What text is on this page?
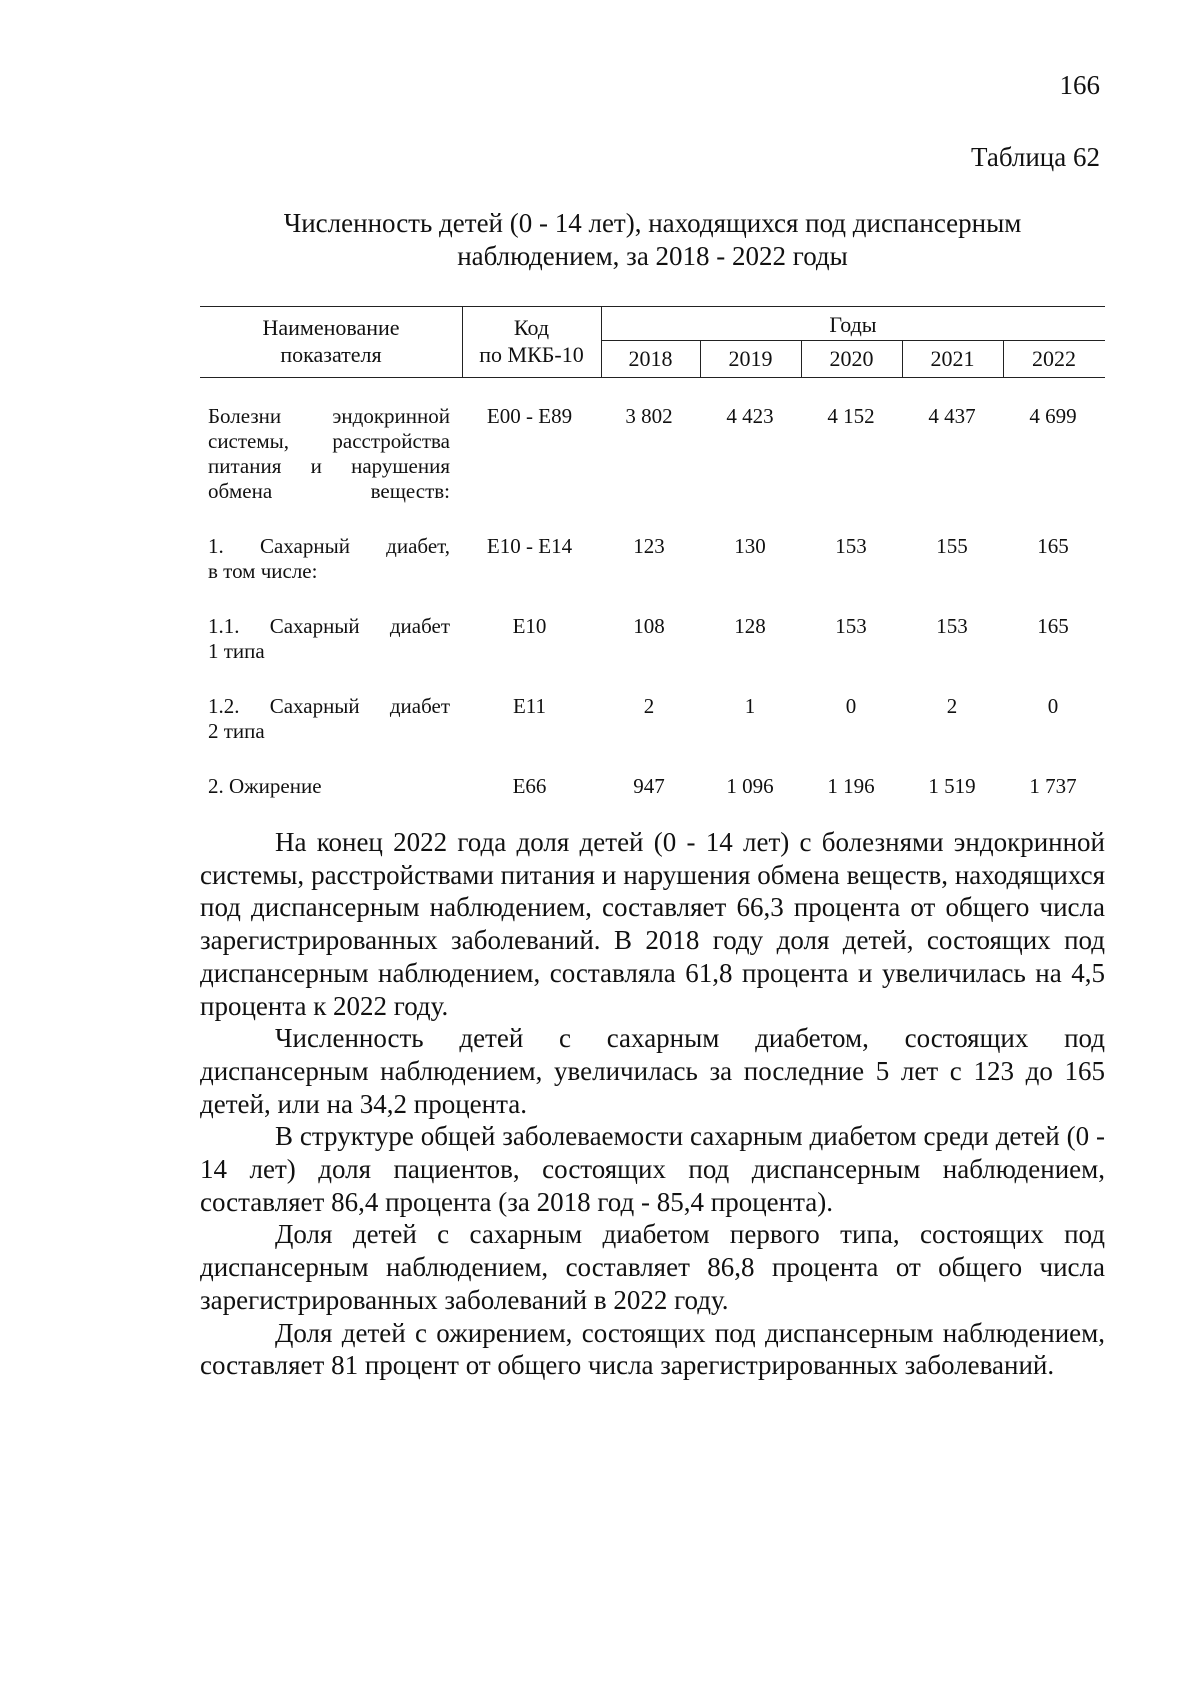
166
Таблица 62
Численность детей (0 - 14 лет), находящихся под диспансерным
наблюдением, за 2018 - 2022 годы
Наименование
показателя
Код
по МКБ-10
Годы
2018	2019	2020	2021	2022
Болезни эндокринной
системы, расстройства
питания и нарушения
обмена веществ:
E00 - E89	3 802	4 423	4 152	4 437	4 699
1. Сахарный диабет,
в том числе:
E10 - E14	123	130	153	155	165
1.1. Сахарный диабет
1 типа
E10	108	128	153	153	165
1.2. Сахарный диабет
2 типа
E11	2	1	0	2	0
2. Ожирение	E66	947	1 096	1 196	1 519	1 737

На конец 2022 года доля детей (0 - 14 лет) с болезнями эндокринной системы, расстройствами питания и нарушения обмена веществ, находящихся под диспансерным наблюдением, составляет 66,3 процента от общего числа зарегистрированных заболеваний. В 2018 году доля детей, состоящих под диспансерным наблюдением, составляла 61,8 процента и увеличилась на 4,5 процента к 2022 году.

Численность детей с сахарным диабетом, состоящих под диспансерным наблюдением, увеличилась за последние 5 лет с 123 до 165 детей, или на 34,2 процента.

В структуре общей заболеваемости сахарным диабетом среди детей (0 - 14 лет) доля пациентов, состоящих под диспансерным наблюдением, составляет 86,4 процента (за 2018 год - 85,4 процента).

Доля детей с сахарным диабетом первого типа, состоящих под диспансерным наблюдением, составляет 86,8 процента от общего числа зарегистрированных заболеваний в 2022 году.

Доля детей с ожирением, состоящих под диспансерным наблюдением, составляет 81 процент от общего числа зарегистрированных заболеваний.
